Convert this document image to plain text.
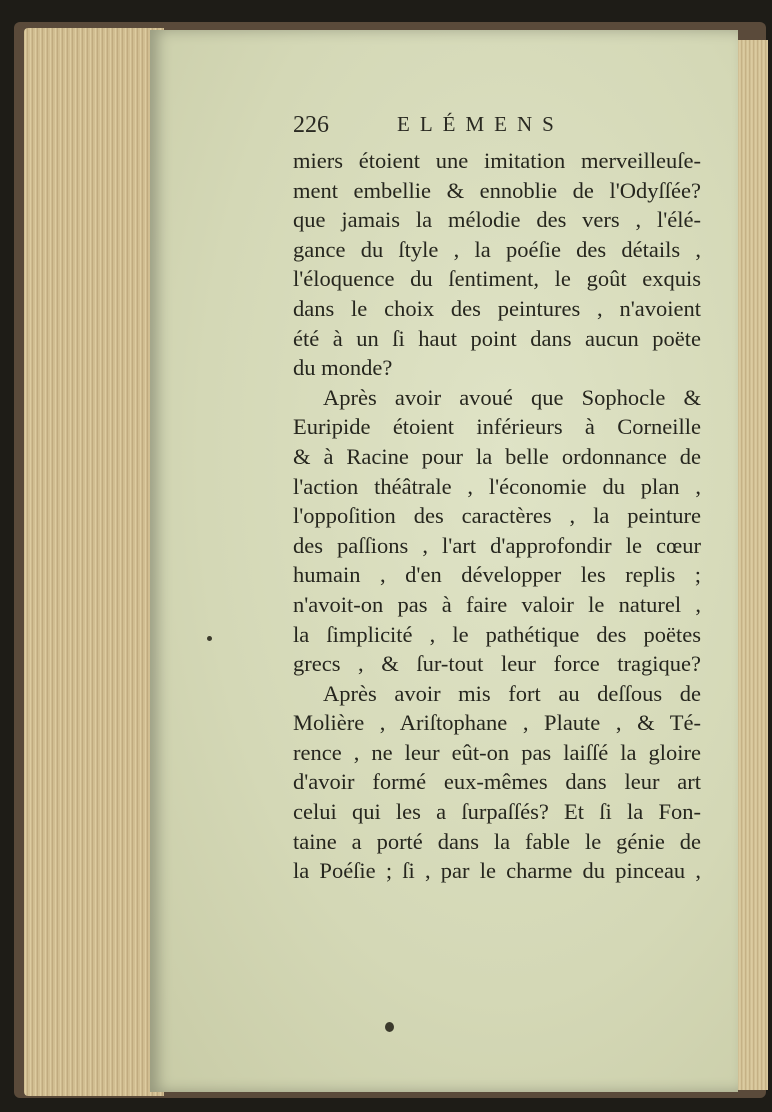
226	ELÉMENS
miers étoient une imitation merveilleuſe-
ment embellie & ennoblie de l'Odyſſée?
que jamais la mélodie des vers , l'élé-
gance du ſtyle , la poéſie des détails ,
l'éloquence du ſentiment, le goût exquis
dans le choix des peintures , n'avoient
été à un ſi haut point dans aucun poëte
du monde?
Après avoir avoué que Sophocle &
Euripide étoient inférieurs à Corneille
& à Racine pour la belle ordonnance de
l'action théâtrale , l'économie du plan ,
l'oppoſition des caractères , la peinture
des paſſions , l'art d'approfondir le cœur
humain , d'en développer les replis ;
n'avoit-on pas à faire valoir le naturel ,
la ſimplicité , le pathétique des poëtes
grecs , & ſur-tout leur force tragique?
Après avoir mis fort au deſſous de
Molière , Ariſtophane , Plaute , & Té-
rence , ne leur eût-on pas laiſſé la gloire
d'avoir formé eux-mêmes dans leur art
celui qui les a ſurpaſſés? Et ſi la Fon-
taine a porté dans la fable le génie de
la Poéſie ; ſi , par le charme du pinceau ,
